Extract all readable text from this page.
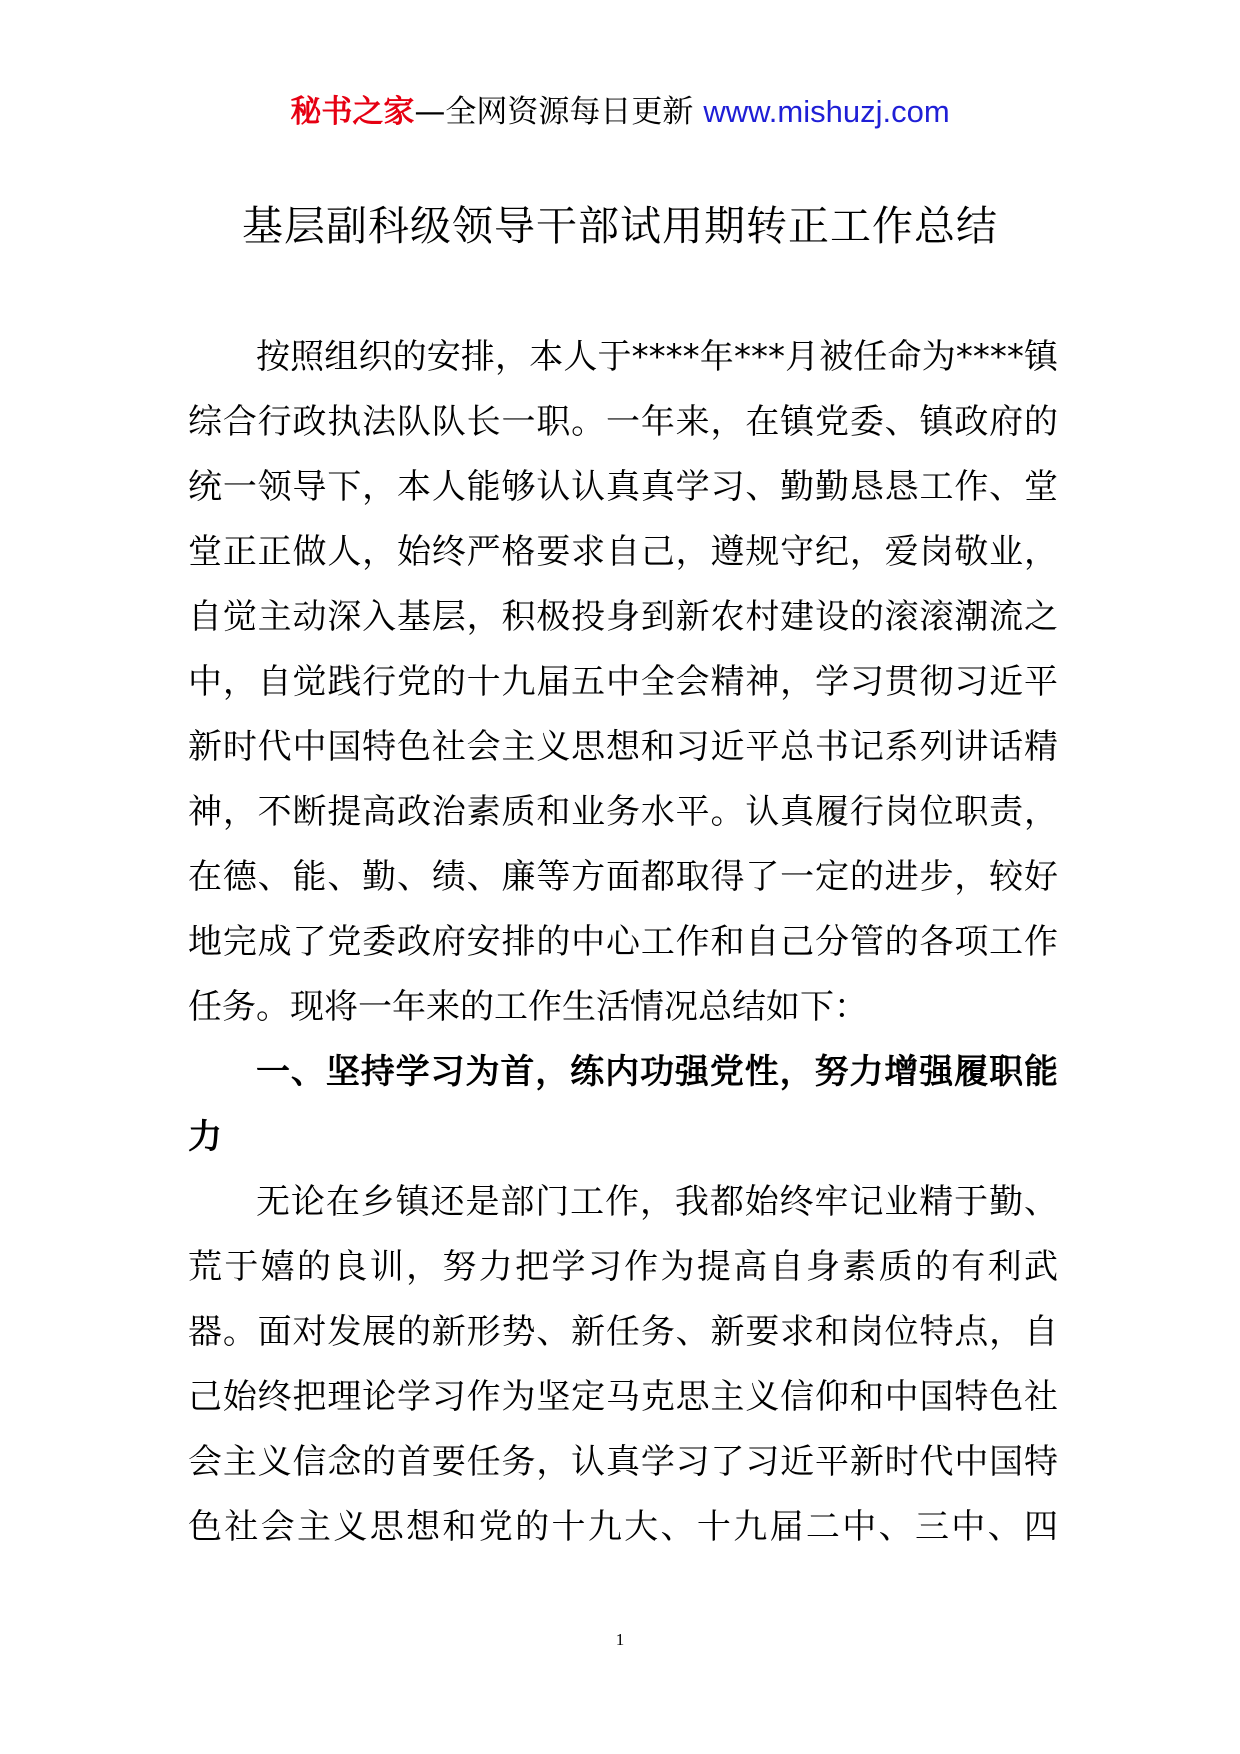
秘书之家—全网资源每日更新 www.mishuzj.com
基层副科级领导干部试用期转正工作总结
按照组织的安排，本人于****年***月被任命为****镇
综合行政执法队队长一职。一年来，在镇党委、镇政府的
统一领导下，本人能够认认真真学习、勤勤恳恳工作、堂
堂正正做人，始终严格要求自己，遵规守纪，爱岗敬业，
自觉主动深入基层，积极投身到新农村建设的滚滚潮流之
中，自觉践行党的十九届五中全会精神，学习贯彻习近平
新时代中国特色社会主义思想和习近平总书记系列讲话精
神，不断提高政治素质和业务水平。认真履行岗位职责，
在德、能、勤、绩、廉等方面都取得了一定的进步，较好
地完成了党委政府安排的中心工作和自己分管的各项工作
任务。现将一年来的工作生活情况总结如下：
一、坚持学习为首，练内功强党性，努力增强履职能
力
无论在乡镇还是部门工作，我都始终牢记业精于勤、
荒于嬉的良训，努力把学习作为提高自身素质的有利武
器。面对发展的新形势、新任务、新要求和岗位特点，自
己始终把理论学习作为坚定马克思主义信仰和中国特色社
会主义信念的首要任务，认真学习了习近平新时代中国特
色社会主义思想和党的十九大、十九届二中、三中、四
1
